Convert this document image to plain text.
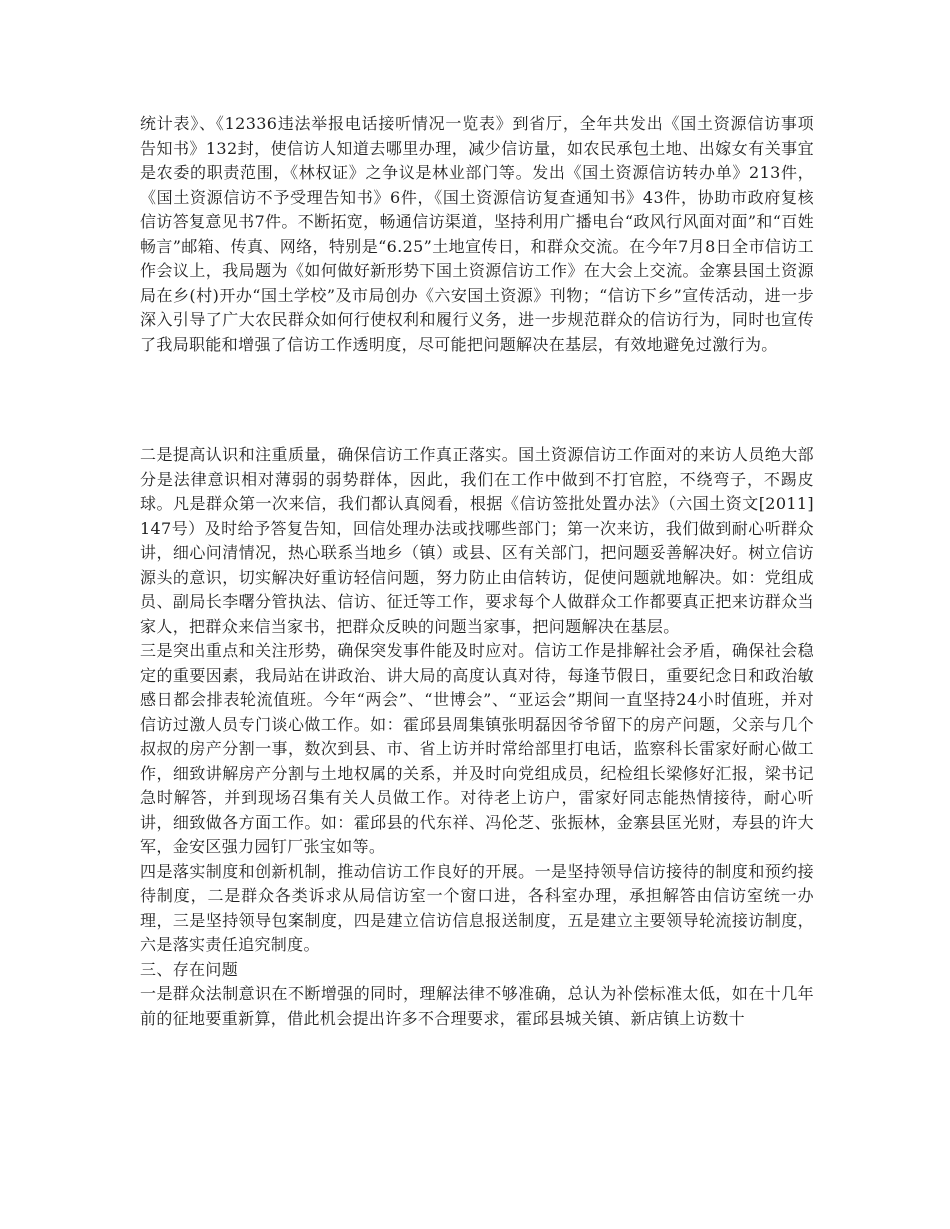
统计表》、《12336违法举报电话接听情况一览表》到省厅，全年共发出《国土资源信访事项告知书》132封，使信访人知道去哪里办理，减少信访量，如农民承包土地、出嫁女有关事宜是农委的职责范围，《林权证》之争议是林业部门等。发出《国土资源信访转办单》213件，《国土资源信访不予受理告知书》6件，《国土资源信访复查通知书》43件，协助市政府复核信访答复意见书7件。不断拓宽，畅通信访渠道，坚持利用广播电台“政风行风面对面”和“百姓畅言”邮箱、传真、网络，特别是“6.25”土地宣传日，和群众交流。在今年7月8日全市信访工作会议上，我局题为《如何做好新形势下国土资源信访工作》在大会上交流。金寨县国土资源局在乡(村)开办“国土学校”及市局创办《六安国土资源》刊物；“信访下乡”宣传活动，进一步深入引导了广大农民群众如何行使权利和履行义务，进一步规范群众的信访行为，同时也宣传了我局职能和增强了信访工作透明度，尽可能把问题解决在基层，有效地避免过激行为。

二是提高认识和注重质量，确保信访工作真正落实。国土资源信访工作面对的来访人员绝大部分是法律意识相对薄弱的弱势群体，因此，我们在工作中做到不打官腔，不绕弯子，不踢皮球。凡是群众第一次来信，我们都认真阅看，根据《信访签批处置办法》（六国土资文[2011]147号）及时给予答复告知，回信处理办法或找哪些部门；第一次来访，我们做到耐心听群众讲，细心问清情况，热心联系当地乡（镇）或县、区有关部门，把问题妥善解决好。树立信访源头的意识，切实解决好重访轻信问题，努力防止由信转访，促使问题就地解决。如：党组成员、副局长李曙分管执法、信访、征迁等工作，要求每个人做群众工作都要真正把来访群众当家人，把群众来信当家书，把群众反映的问题当家事，把问题解决在基层。

三是突出重点和关注形势，确保突发事件能及时应对。信访工作是排解社会矛盾，确保社会稳定的重要因素，我局站在讲政治、讲大局的高度认真对待，每逢节假日，重要纪念日和政治敏感日都会排表轮流值班。今年“两会”、“世博会”、“亚运会”期间一直坚持24小时值班，并对信访过激人员专门谈心做工作。如：霍邱县周集镇张明磊因爷爷留下的房产问题，父亲与几个叔叔的房产分割一事，数次到县、市、省上访并时常给部里打电话，监察科长雷家好耐心做工作，细致讲解房产分割与土地权属的关系，并及时向党组成员，纪检组长梁修好汇报，梁书记急时解答，并到现场召集有关人员做工作。对待老上访户，雷家好同志能热情接待，耐心听讲，细致做各方面工作。如：霍邱县的代东祥、冯伦芝、张振林，金寨县匡光财，寿县的许大军，金安区强力园钉厂张宝如等。

四是落实制度和创新机制，推动信访工作良好的开展。一是坚持领导信访接待的制度和预约接待制度，二是群众各类诉求从局信访室一个窗口进，各科室办理，承担解答由信访室统一办理，三是坚持领导包案制度，四是建立信访信息报送制度，五是建立主要领导轮流接访制度，六是落实责任追究制度。

三、存在问题

一是群众法制意识在不断增强的同时，理解法律不够准确，总认为补偿标准太低，如在十几年前的征地要重新算，借此机会提出许多不合理要求，霍邱县城关镇、新店镇上访数十
